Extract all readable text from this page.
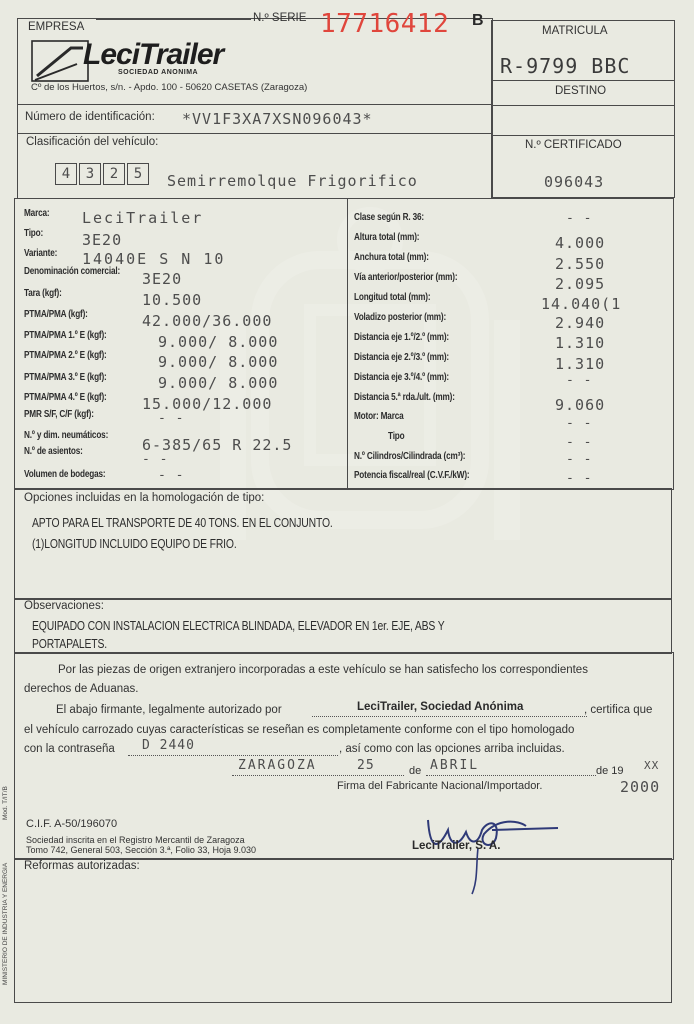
EMPRESA
N.º SERIE 17716412 B
LeciTrailer
SOCIEDAD ANONIMA
Cº de los Huertos, s/n. - Apdo. 100 - 50620 CASETAS (Zaragoza)
MATRICULA
R-9799 BBC
DESTINO
Número de identificación: *VV1F3XA7XSN096043*
Clasificación del vehículo:
4	3	2	5	Semirremolque Frigorifico
N.º CERTIFICADO
096043
Marca: LeciTrailer
Tipo:	3E20
Variante: 14040E S N 10
Denominación comercial: 3E20
Tara (kgf):	10.500
PTMA/PMA (kgf):	42.000/36.000
PTMA/PMA 1.º E (kgf):	9.000/ 8.000
PTMA/PMA 2.º E (kgf):	9.000/ 8.000
PTMA/PMA 3.º E (kgf):	9.000/ 8.000
PTMA/PMA 4.º E (kgf): 15.000/12.000
PMR S/F, C/F (kgf):	- -
N.º y dim. neumáticos:
6-385/65 R 22.5
N.º de asientos:
- -
Volumen de bodegas:	- -
Clase según R. 36:	- -
Altura total (mm):	4.000
Anchura total (mm):	2.550
Vía anterior/posterior (mm):	2.095
Longitud total (mm):	14.040(1
Voladizo posterior (mm):	2.940
Distancia eje 1.º/2.º (mm):	1.310
Distancia eje 2.º/3.º (mm):	1.310
Distancia eje 3.º/4.º (mm):	- -
Distancia 5.ª rda./ult. (mm):	9.060
Motor: Marca	- -
Tipo	- -
N.º Cilindros/Cilindrada (cm³):	- -
Potencia fiscal/real (C.V.F./kW):	- -
Opciones incluidas en la homologación de tipo:
APTO PARA EL TRANSPORTE DE 40 TONS. EN EL CONJUNTO.
(1)LONGITUD INCLUIDO EQUIPO DE FRIO.
Observaciones:
EQUIPADO CON INSTALACION ELECTRICA BLINDADA, ELEVADOR EN 1er. EJE, ABS Y
PORTAPALETS.
Por las piezas de origen extranjero incorporadas a este vehículo se han satisfecho los correspondientes
derechos de Aduanas.
El abajo firmante, legalmente autorizado por	LeciTrailer, Sociedad Anónima	, certifica que
el vehículo carrozado cuyas características se reseñan es completamente conforme con el tipo homologado
con la contraseña D 2440	, así como con las opciones arriba incluidas.
ZARAGOZA	25	de ABRIL	de 19 XX
2000
Firma del Fabricante Nacional/Importador.
LeciTrailer, S. A.
C.I.F. A-50/196070
Sociedad inscrita en el Registro Mercantil de Zaragoza
Tomo 742, General 503, Sección 3.ª, Folio 33, Hoja 9.030
Reformas autorizadas:
Mod. T/IT/B
MINISTERIO DE INDUSTRIA Y ENERGIA
